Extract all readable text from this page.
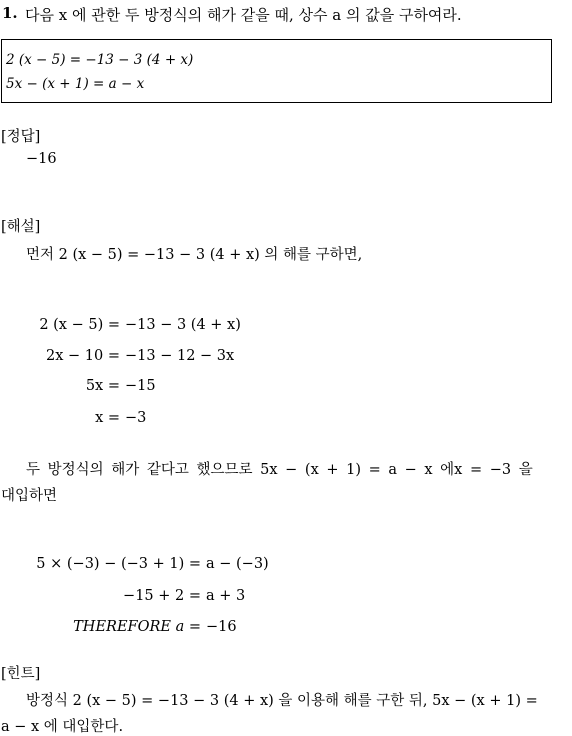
1. 다음 x 에 관한 두 방정식의 해가 같을 때, 상수 a 의 값을 구하여라.
2 (x − 5) = −13 − 3 (4 + x)
5x − (x + 1) = a − x
[정답]
−16
[해설]
먼저 2 (x − 5) = −13 − 3 (4 + x) 의 해를 구하면,
2 (x − 5) = −13 − 3 (4 + x)
2x − 10 = −13 − 12 − 3x
5x = −15
x = −3
두 방정식의 해가 같다고 했으므로 5x − (x + 1) = a − x 에x = −3 을
대입하면
5 × (−3) − (−3 + 1) = a − (−3)
−15 + 2 = a + 3
THEREFORE a = −16
[힌트]
방정식 2 (x − 5) = −13 − 3 (4 + x) 을 이용해 해를 구한 뒤, 5x − (x + 1) =
a − x 에 대입한다.
